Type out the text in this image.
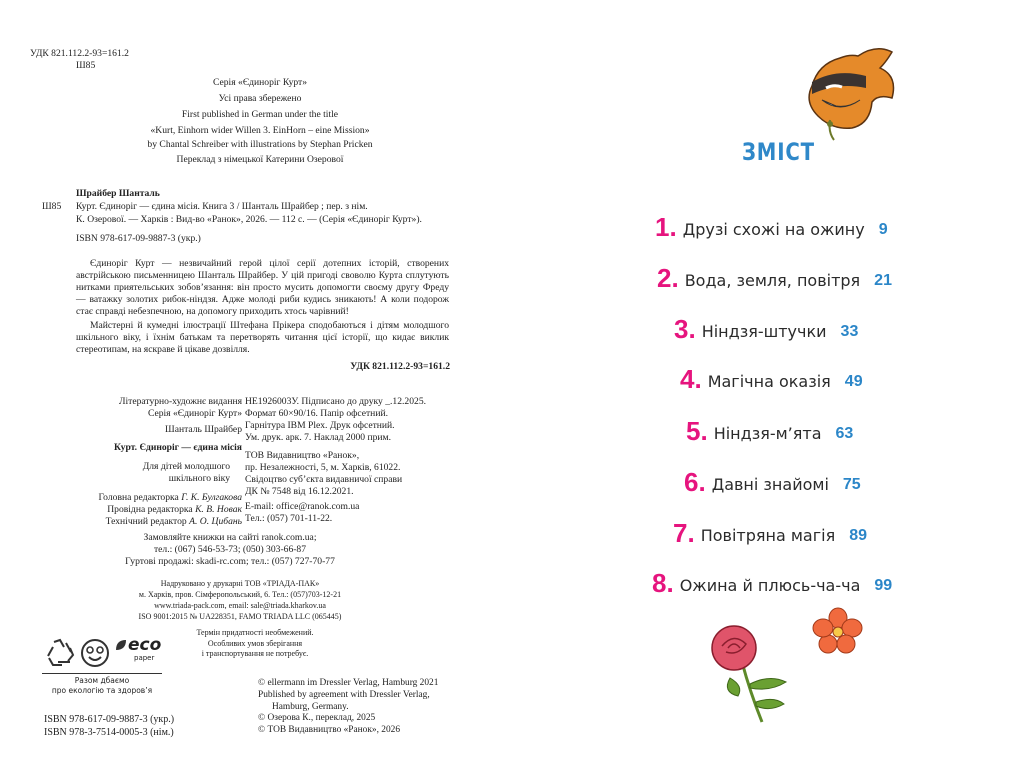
УДК 821.112.2-93=161.2
Ш85
Серія «Єдиноріг Курт»
Усі права збережено
First published in German under the title
«Kurt, Einhorn wider Willen 3. EinHorn – eine Mission»
by Chantal Schreiber with illustrations by Stephan Pricken
Переклад з німецької Катерини Озерової
Шрайбер Шанталь
Ш85 Курт. Єдиноріг — єдина місія. Книга 3 / Шанталь Шрайбер ; пер. з нім.
К. Озерової. — Харків : Вид-во «Ранок», 2026. — 112 с. — (Серія «Єдиноріг Курт»).
ISBN 978-617-09-9887-3 (укр.)
Єдиноріг Курт — незвичайний герой цілої серії дотепних історій, створених австрійською письменницею Шанталь Шрайбер. У цій пригоді своволю Курта сплутують нитками приятельських зобов’язання: він просто мусить допомогти своєму другу Фреду — ватажку золотих рибок-ніндзя. Адже молоді риби кудись зникають! А коли подорож стає справді небезпечною, на допомогу приходить хтось чарівний!
Майстерні й кумедні ілюстрації Штефана Прікера сподобаються і дітям молодшого шкільного віку, і їхнім батькам та перетворять читання цієї історії, що кидає виклик стереотипам, на яскраве й цікаве дозвілля.
УДК 821.112.2-93=161.2
Літературно-художнє видання
Серія «Єдиноріг Курт»
Шанталь Шрайбер
Курт. Єдиноріг — єдина місія
Для дітей молодшого
шкільного віку
Головна редакторка Г. К. Булгакова
Провідна редакторка К. В. Новак
Технічний редактор А. О. Цибань
НЕ1926003У. Підписано до друку _.12.2025.
Формат 60×90/16. Папір офсетний.
Гарнітура IBM Plex. Друк офсетний.
Ум. друк. арк. 7. Наклад 2000 прим.
ТОВ Видавництво «Ранок»,
пр. Незалежності, 5, м. Харків, 61022.
Свідоцтво суб’єкта видавничої справи
ДК № 7548 від 16.12.2021.
E-mail: office@ranok.com.ua
Тел.: (057) 701-11-22.
Замовляйте книжки на сайті ranok.com.ua;
тел.: (067) 546-53-73; (050) 303-66-87
Гуртові продажі: skadi-rc.com; тел.: (057) 727-70-77
Надруковано у друкарні ТОВ «ТРІАДА-ПАК»
м. Харків, пров. Сімферопольський, 6. Тел.: (057)703-12-21
www.triada-pack.com, email: sale@triada.kharkov.ua
ISO 9001:2015 № UA228351, FAMO TRIADA LLC (065445)
eco
paper
Разом дбаємо
про екологію та здоров’я
Термін придатності необмежений.
Особливих умов зберігання
і транспортування не потребує.
© ellermann im Dressler Verlag, Hamburg 2021
Published by agreement with Dressler Verlag,
Hamburg, Germany.
© Озерова К., переклад, 2025
© ТОВ Видавництво «Ранок», 2026
ISBN 978-617-09-9887-3 (укр.)
ISBN 978-3-7514-0005-3 (нім.)
ЗМІСТ
1. Друзі схожі на ожину 9
2. Вода, земля, повітря 21
3. Ніндзя-штучки 33
4. Магічна оказія 49
5. Ніндзя-м’ята 63
6. Давні знайомі 75
7. Повітряна магія 89
8. Ожина й плюсь-ча-ча 99
